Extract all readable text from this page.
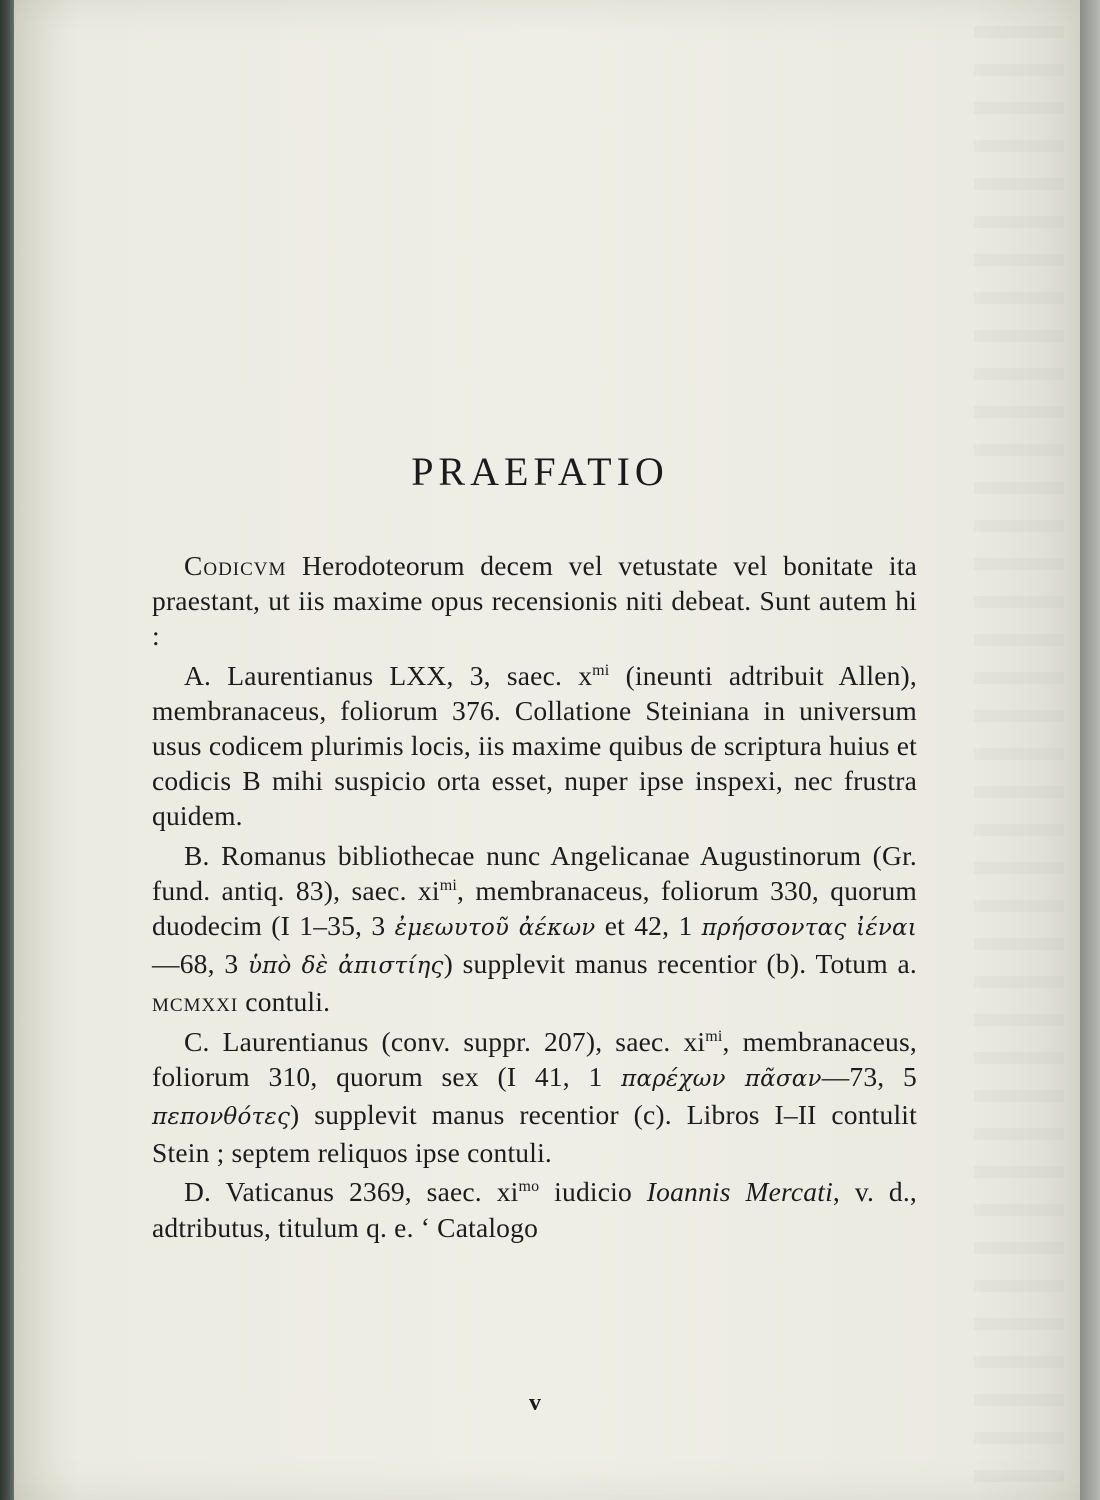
PRAEFATIO

Codicvm Herodoteorum decem vel vetustate vel bonitate ita praestant, ut iis maxime opus recensionis niti debeat. Sunt autem hi :

A. Laurentianus LXX, 3, saec. $x^{mi}$ (ineunti adtribuit Allen), membranaceus, foliorum 376. Collatione Steiniana in universum usus codicem plurimis locis, iis maxime quibus de scriptura huius et codicis B mihi suspicio orta esset, nuper ipse inspexi, nec frustra quidem.

B. Romanus bibliothecae nunc Angelicanae Augustinorum (Gr. fund. antiq. 83), saec. $xi^{mi}$, membranaceus, foliorum 330, quorum duodecim (I 1–35, 3 ἐμεωυτοῦ ἀέκων et 42, 1 πρήσσοντας ἰέναι—68, 3 ὑπὸ δὲ ἀπιστίης) supplevit manus recentior (b). Totum a. mcmxxi contuli.

C. Laurentianus (conv. suppr. 207), saec. $xi^{mi}$, membranaceus, foliorum 310, quorum sex (I 41, 1 παρέχων πᾶσαν—73, 5 πεπονθότες) supplevit manus recentior (c). Libros I–II contulit Stein ; septem reliquos ipse contuli.

D. Vaticanus 2369, saec. $xi^{mo}$ iudicio Ioannis Mercati, v. d., adtributus, titulum q. e. ‘ Catalogo

v
